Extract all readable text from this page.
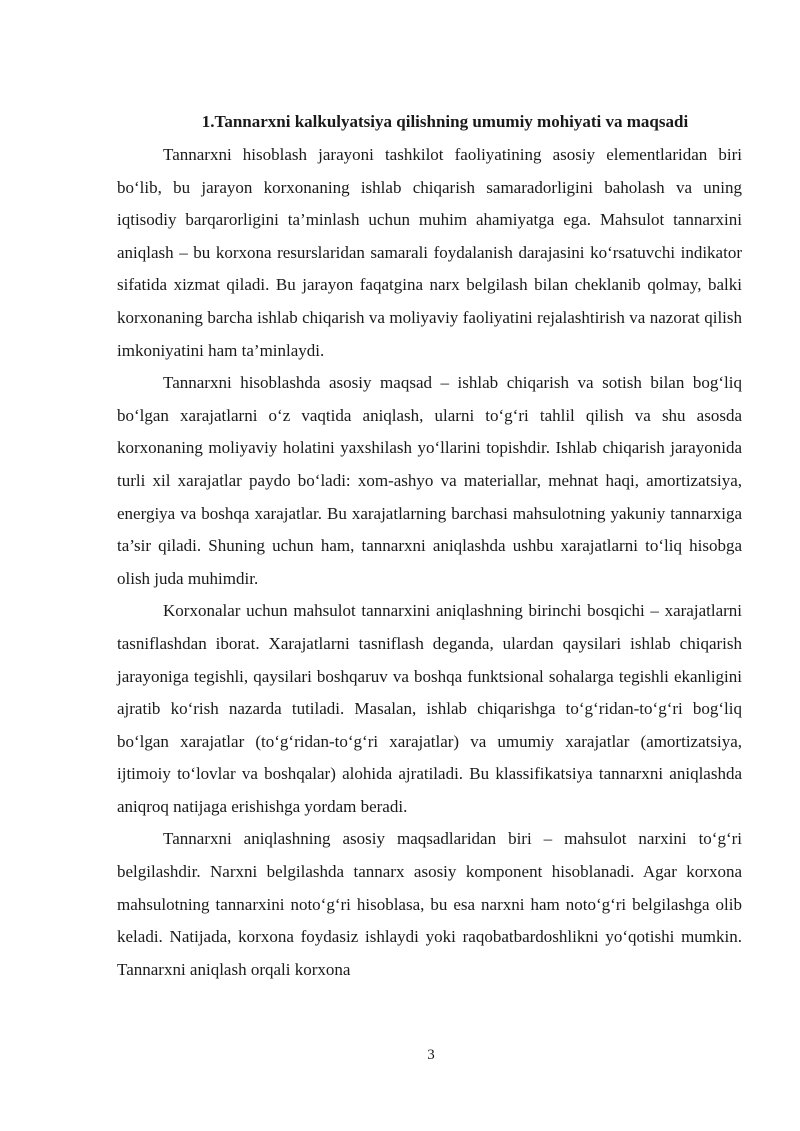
1.Tannarxni kalkulyatsiya qilishning umumiy mohiyati va maqsadi

Tannarxni hisoblash jarayoni tashkilot faoliyatining asosiy elementlaridan biri bo‘lib, bu jarayon korxonaning ishlab chiqarish samaradorligini baholash va uning iqtisodiy barqarorligini ta’minlash uchun muhim ahamiyatga ega. Mahsulot tannarxini aniqlash – bu korxona resurslaridan samarali foydalanish darajasini ko‘rsatuvchi indikator sifatida xizmat qiladi. Bu jarayon faqatgina narx belgilash bilan cheklanib qolmay, balki korxonaning barcha ishlab chiqarish va moliyaviy faoliyatini rejalashtirish va nazorat qilish imkoniyatini ham ta’minlaydi.

Tannarxni hisoblashda asosiy maqsad – ishlab chiqarish va sotish bilan bog‘liq bo‘lgan xarajatlarni o‘z vaqtida aniqlash, ularni to‘g‘ri tahlil qilish va shu asosda korxonaning moliyaviy holatini yaxshilash yo‘llarini topishdir. Ishlab chiqarish jarayonida turli xil xarajatlar paydo bo‘ladi: xom-ashyo va materiallar, mehnat haqi, amortizatsiya, energiya va boshqa xarajatlar. Bu xarajatlarning barchasi mahsulotning yakuniy tannarxiga ta’sir qiladi. Shuning uchun ham, tannarxni aniqlashda ushbu xarajatlarni to‘liq hisobga olish juda muhimdir.

Korxonalar uchun mahsulot tannarxini aniqlashning birinchi bosqichi – xarajatlarni tasniflashdan iborat. Xarajatlarni tasniflash deganda, ulardan qaysilari ishlab chiqarish jarayoniga tegishli, qaysilari boshqaruv va boshqa funktsional sohalarga tegishli ekanligini ajratib ko‘rish nazarda tutiladi. Masalan, ishlab chiqarishga to‘g‘ridan-to‘g‘ri bog‘liq bo‘lgan xarajatlar (to‘g‘ridan-to‘g‘ri xarajatlar) va umumiy xarajatlar (amortizatsiya, ijtimoiy to‘lovlar va boshqalar) alohida ajratiladi. Bu klassifikatsiya tannarxni aniqlashda aniqroq natijaga erishishga yordam beradi.

Tannarxni aniqlashning asosiy maqsadlaridan biri – mahsulot narxini to‘g‘ri belgilashdir. Narxni belgilashda tannarx asosiy komponent hisoblanadi. Agar korxona mahsulotning tannarxini noto‘g‘ri hisoblasa, bu esa narxni ham noto‘g‘ri belgilashga olib keladi. Natijada, korxona foydasiz ishlaydi yoki raqobatbardoshlikni yo‘qotishi mumkin. Tannarxni aniqlash orqali korxona

3
